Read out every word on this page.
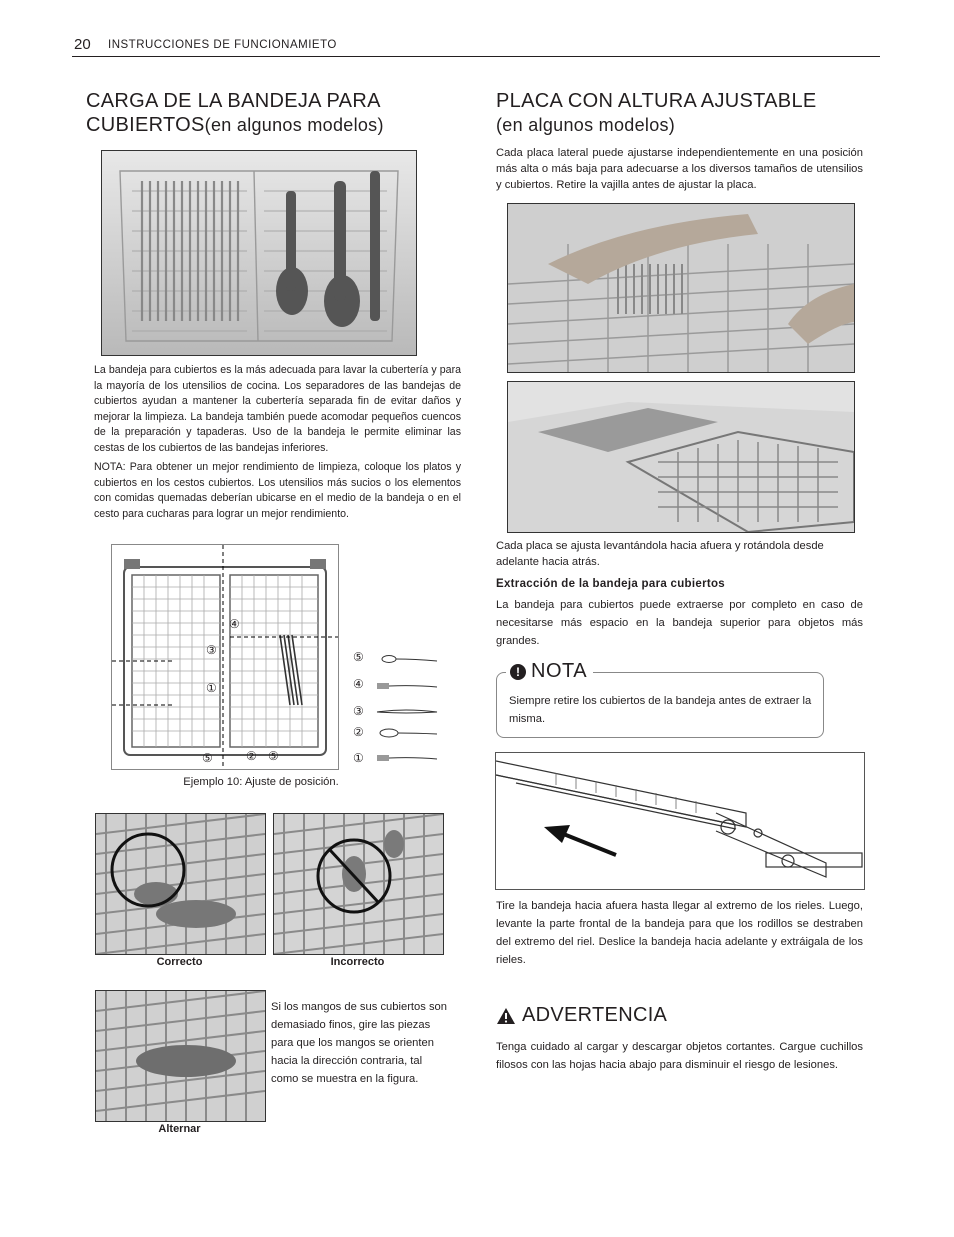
20 INSTRUCCIONES DE FUNCIONAMIETO
CARGA DE LA BANDEJA PARA
CUBIERTOS(en algunos modelos)
La bandeja para cubiertos es la más adecuada para lavar la cubertería y para la mayoría de los utensilios de cocina. Los separadores de las bandejas de cubiertos ayudan a mantener la cubertería separada fin de evitar daños y mejorar la limpieza. La bandeja también puede acomodar pequeños cuencos de la preparación y tapaderas. Uso de la bandeja le permite eliminar las cestas de los cubiertos de las bandejas inferiores.
NOTA: Para obtener un mejor rendimiento de limpieza, coloque los platos y cubiertos en los cestos cubiertos. Los utensilios más sucios o los elementos con comidas quemadas deberían ubicarse en el medio de la bandeja o en el cesto para cucharas para lograr un mejor rendimiento.
④
③
①
⑤	② ⑤
⑤
④
③
②
①
Ejemplo 10: Ajuste de posición.
Correcto	Incorrecto
Alternar
Si los mangos de sus cubiertos son demasiado finos, gire las piezas para que los mangos se orienten hacia la dirección contraria, tal como se muestra en la figura.
PLACA CON ALTURA AJUSTABLE
(en algunos modelos)
Cada placa lateral puede ajustarse independientemente en una posición más alta o más baja para adecuarse a los diversos tamaños de utensilios y cubiertos. Retire la vajilla antes de ajustar la placa.
Cada placa se ajusta levantándola hacia afuera y rotándola desde adelante hacia atrás.
Extracción de la bandeja para cubiertos
La bandeja para cubiertos puede extraerse por completo en caso de necesitarse más espacio en la bandeja superior para objetos más grandes.
! NOTA
Siempre retire los cubiertos de la bandeja antes de extraer la misma.
Tire la bandeja hacia afuera hasta llegar al extremo de los rieles. Luego, levante la parte frontal de la bandeja para que los rodillos se destraben del extremo del riel. Deslice la bandeja hacia adelante y extráigala de los rieles.
ADVERTENCIA
Tenga cuidado al cargar y descargar objetos cortantes. Cargue cuchillos filosos con las hojas hacia abajo para disminuir el riesgo de lesiones.
